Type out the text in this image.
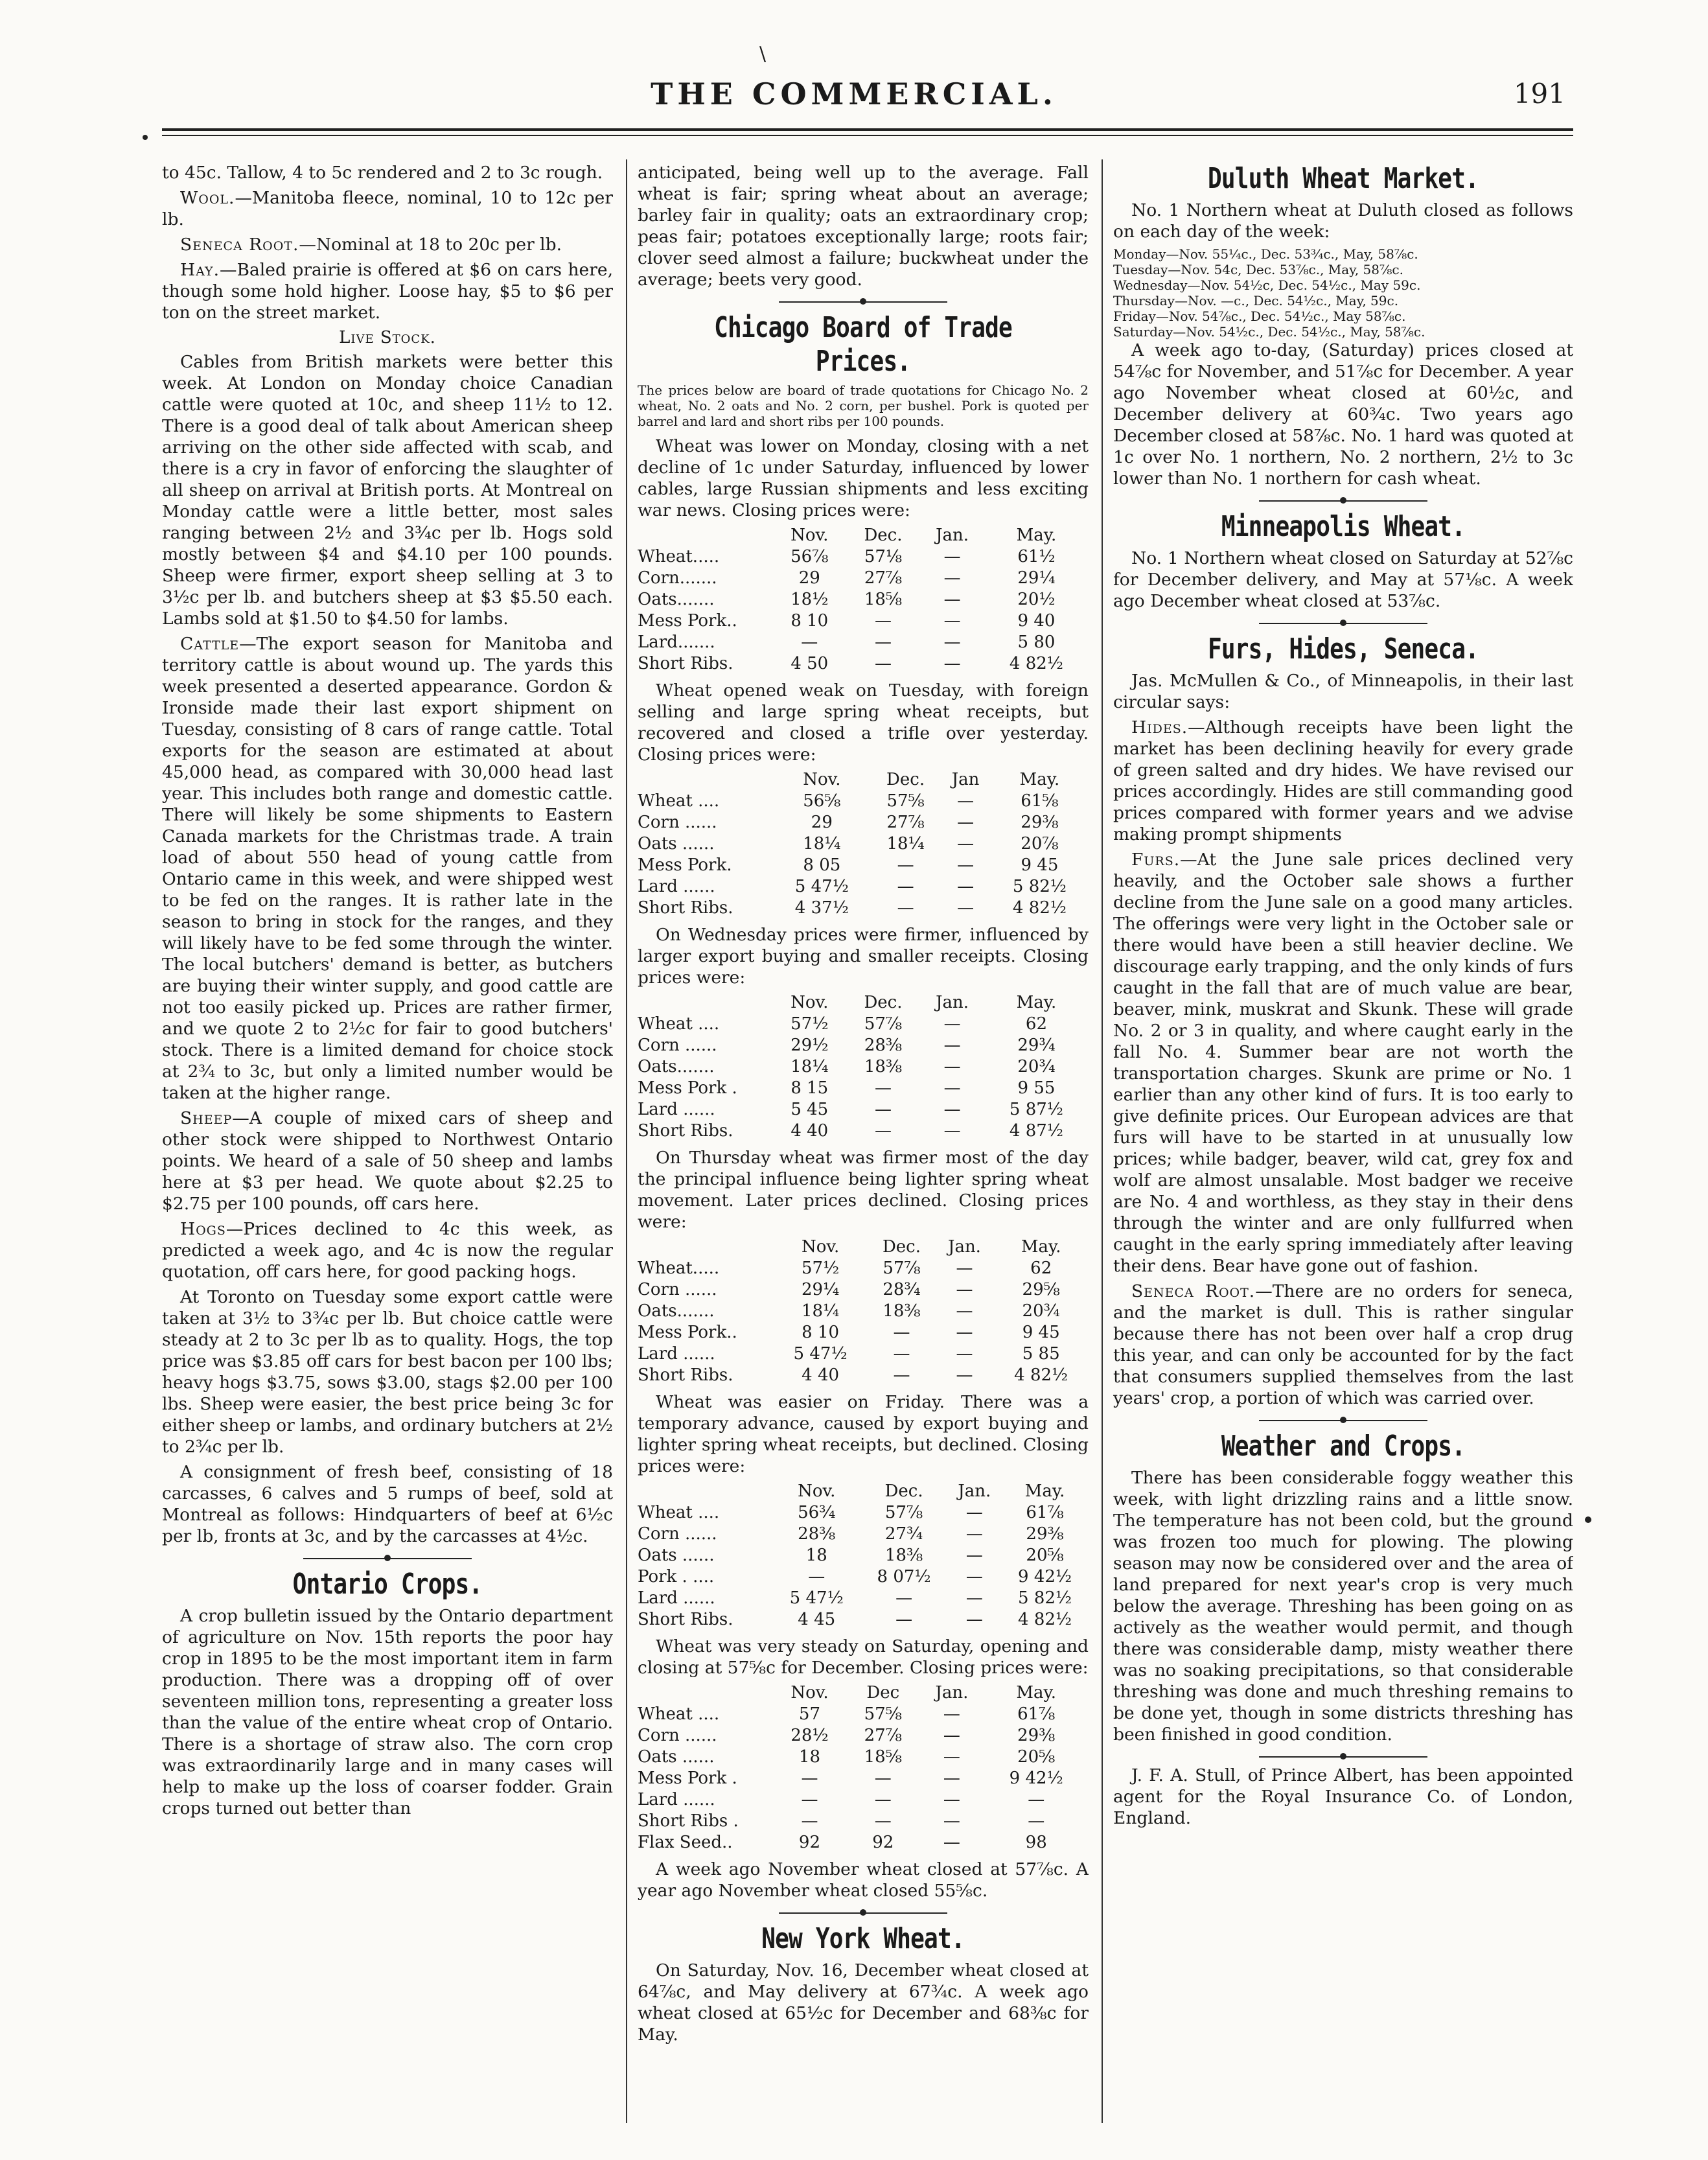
\
THE COMMERCIAL.	191

to 45c. Tallow, 4 to 5c rendered and 2 to 3c rough.

Wool.—Manitoba fleece, nominal, 10 to 12c per lb.

Seneca Root.—Nominal at 18 to 20c per lb.

Hay.—Baled prairie is offered at $6 on cars here, though some hold higher. Loose hay, $5 to $6 per ton on the street market.

Live Stock.

Cables from British markets were better this week. At London on Monday choice Canadian cattle were quoted at 10c, and sheep 11½ to 12. There is a good deal of talk about American sheep arriving on the other side affected with scab, and there is a cry in favor of enforcing the slaughter of all sheep on arrival at British ports. At Montreal on Monday cattle were a little better, most sales ranging between 2½ and 3¾c per lb. Hogs sold mostly between $4 and $4.10 per 100 pounds. Sheep were firmer, export sheep selling at 3 to 3½c per lb. and butchers sheep at $3 $5.50 each. Lambs sold at $1.50 to $4.50 for lambs.

Cattle—The export season for Manitoba and territory cattle is about wound up. The yards this week presented a deserted appearance. Gordon & Ironside made their last export shipment on Tuesday, consisting of 8 cars of range cattle. Total exports for the season are estimated at about 45,000 head, as compared with 30,000 head last year. This includes both range and domestic cattle. There will likely be some shipments to Eastern Canada markets for the Christmas trade. A train load of about 550 head of young cattle from Ontario came in this week, and were shipped west to be fed on the ranges. It is rather late in the season to bring in stock for the ranges, and they will likely have to be fed some through the winter. The local butchers' demand is better, as butchers are buying their winter supply, and good cattle are not too easily picked up. Prices are rather firmer, and we quote 2 to 2½c for fair to good butchers' stock. There is a limited demand for choice stock at 2¾ to 3c, but only a limited number would be taken at the higher range.

Sheep—A couple of mixed cars of sheep and other stock were shipped to Northwest Ontario points. We heard of a sale of 50 sheep and lambs here at $3 per head. We quote about $2.25 to $2.75 per 100 pounds, off cars here.

Hogs—Prices declined to 4c this week, as predicted a week ago, and 4c is now the regular quotation, off cars here, for good packing hogs.

At Toronto on Tuesday some export cattle were taken at 3½ to 3¾c per lb. But choice cattle were steady at 2 to 3c per lb as to quality. Hogs, the top price was $3.85 off cars for best bacon per 100 lbs; heavy hogs $3.75, sows $3.00, stags $2.00 per 100 lbs. Sheep were easier, the best price being 3c for either sheep or lambs, and ordinary butchers at 2½ to 2¾c per lb.

A consignment of fresh beef, consisting of 18 carcasses, 6 calves and 5 rumps of beef, sold at Montreal as follows: Hindquarters of beef at 6½c per lb, fronts at 3c, and by the carcasses at 4½c.

Ontario Crops.

A crop bulletin issued by the Ontario department of agriculture on Nov. 15th reports the poor hay crop in 1895 to be the most important item in farm production. There was a dropping off of over seventeen million tons, representing a greater loss than the value of the entire wheat crop of Ontario. There is a shortage of straw also. The corn crop was extraordinarily large and in many cases will help to make up the loss of coarser fodder. Grain crops turned out better than

anticipated, being well up to the average. Fall wheat is fair; spring wheat about an average; barley fair in quality; oats an extraordinary crop; peas fair; potatoes exceptionally large; roots fair; clover seed almost a failure; buckwheat under the average; beets very good.

Chicago Board of Trade Prices.
The prices below are board of trade quotations for Chicago No. 2 wheat, No. 2 oats and No. 2 corn, per bushel. Pork is quoted per barrel and lard and short ribs per 100 pounds.

Wheat was lower on Monday, closing with a net decline of 1c under Saturday, influenced by lower cables, large Russian shipments and less exciting war news. Closing prices were:

	Nov.	Dec.	Jan.	May.
Wheat.....	56⅞	57⅛	—	61½
Corn.......	29	27⅞	—	29¼
Oats.......	18½	18⅝	—	20½
Mess Pork..	8 10	—	—	9 40
Lard.......	—	—	—	5 80
Short Ribs.	4 50	—	—	4 82½

Wheat opened weak on Tuesday, with foreign selling and large spring wheat receipts, but recovered and closed a trifle over yesterday. Closing prices were:

	Nov.	Dec.	Jan	May.
Wheat ....	56⅝	57⅝	—	61⅝
Corn ......	29	27⅞	—	29⅜
Oats ......	18¼	18¼	—	20⅞
Mess Pork.	8 05	—	—	9 45
Lard ......	5 47½	—	—	5 82½
Short Ribs.	4 37½	—	—	4 82½

On Wednesday prices were firmer, influenced by larger export buying and smaller receipts. Closing prices were:

	Nov.	Dec.	Jan.	May.
Wheat ....	57½	57⅞	—	62
Corn ......	29½	28⅜	—	29¾
Oats.......	18¼	18⅜	—	20¾
Mess Pork .	8 15	—	—	9 55
Lard ......	5 45	—	—	5 87½
Short Ribs.	4 40	—	—	4 87½

On Thursday wheat was firmer most of the day the principal influence being lighter spring wheat movement. Later prices declined. Closing prices were:

	Nov.	Dec.	Jan.	May.
Wheat.....	57½	57⅞	—	62
Corn ......	29¼	28¾	—	29⅝
Oats.......	18¼	18⅜	—	20¾
Mess Pork..	8 10	—	—	9 45
Lard ......	5 47½	—	—	5 85
Short Ribs.	4 40	—	—	4 82½

Wheat was easier on Friday. There was a temporary advance, caused by export buying and lighter spring wheat receipts, but declined. Closing prices were:

	Nov.	Dec.	Jan.	May.
Wheat ....	56¾	57⅞	—	61⅞
Corn ......	28⅜	27¾	—	29⅜
Oats ......	18	18⅜	—	20⅝
Pork . ....	—	8 07½	—	9 42½
Lard ......	5 47½	—	—	5 82½
Short Ribs.	4 45	—	—	4 82½

Wheat was very steady on Saturday, opening and closing at 57⅝c for December. Closing prices were:

	Nov.	Dec	Jan.	May.
Wheat ....	57	57⅝	—	61⅞
Corn ......	28½	27⅞	—	29⅜
Oats ......	18	18⅝	—	20⅝
Mess Pork .	—	—	—	9 42½
Lard ......	—	—	—	—
Short Ribs .	—	—	—	—
Flax Seed..	92	92	—	98

A week ago November wheat closed at 57⅞c. A year ago November wheat closed 55⅝c.

New York Wheat.

On Saturday, Nov. 16, December wheat closed at 64⅞c, and May delivery at 67¾c. A week ago wheat closed at 65½c for December and 68⅜c for May.

Duluth Wheat Market.

No. 1 Northern wheat at Duluth closed as follows on each day of the week:

Monday—Nov. 55¼c., Dec. 53¾c., May, 58⅞c.
Tuesday—Nov. 54c, Dec. 53⅞c., May, 58⅞c.
Wednesday—Nov. 54½c, Dec. 54½c., May 59c.
Thursday—Nov. —c., Dec. 54½c., May, 59c.
Friday—Nov. 54⅞c., Dec. 54½c., May 58⅞c.
Saturday—Nov. 54½c., Dec. 54½c., May, 58⅞c.

A week ago to-day, (Saturday) prices closed at 54⅞c for November, and 51⅞c for December. A year ago November wheat closed at 60½c, and December delivery at 60¾c. Two years ago December closed at 58⅞c. No. 1 hard was quoted at 1c over No. 1 northern, No. 2 northern, 2½ to 3c lower than No. 1 northern for cash wheat.

Minneapolis Wheat.

No. 1 Northern wheat closed on Saturday at 52⅞c for December delivery, and May at 57⅛c. A week ago December wheat closed at 53⅞c.

Furs, Hides, Seneca.

Jas. McMullen & Co., of Minneapolis, in their last circular says:

Hides.—Although receipts have been light the market has been declining heavily for every grade of green salted and dry hides. We have revised our prices accordingly. Hides are still commanding good prices compared with former years and we advise making prompt shipments

Furs.—At the June sale prices declined very heavily, and the October sale shows a further decline from the June sale on a good many articles. The offerings were very light in the October sale or there would have been a still heavier decline. We discourage early trapping, and the only kinds of furs caught in the fall that are of much value are bear, beaver, mink, muskrat and Skunk. These will grade No. 2 or 3 in quality, and where caught early in the fall No. 4. Summer bear are not worth the transportation charges. Skunk are prime or No. 1 earlier than any other kind of furs. It is too early to give definite prices. Our European advices are that furs will have to be started in at unusually low prices; while badger, beaver, wild cat, grey fox and wolf are almost unsalable. Most badger we receive are No. 4 and worthless, as they stay in their dens through the winter and are only fullfurred when caught in the early spring immediately after leaving their dens. Bear have gone out of fashion.

Seneca Root.—There are no orders for seneca, and the market is dull. This is rather singular because there has not been over half a crop drug this year, and can only be accounted for by the fact that consumers supplied themselves from the last years' crop, a portion of which was carried over.

Weather and Crops.

There has been considerable foggy weather this week, with light drizzling rains and a little snow. The temperature has not been cold, but the ground was frozen too much for plowing. The plowing season may now be considered over and the area of land prepared for next year's crop is very much below the average. Threshing has been going on as actively as the weather would permit, and though there was considerable damp, misty weather there was no soaking precipitations, so that considerable threshing was done and much threshing remains to be done yet, though in some districts threshing has been finished in good condition.

J. F. A. Stull, of Prince Albert, has been appointed agent for the Royal Insurance Co. of London, England.
